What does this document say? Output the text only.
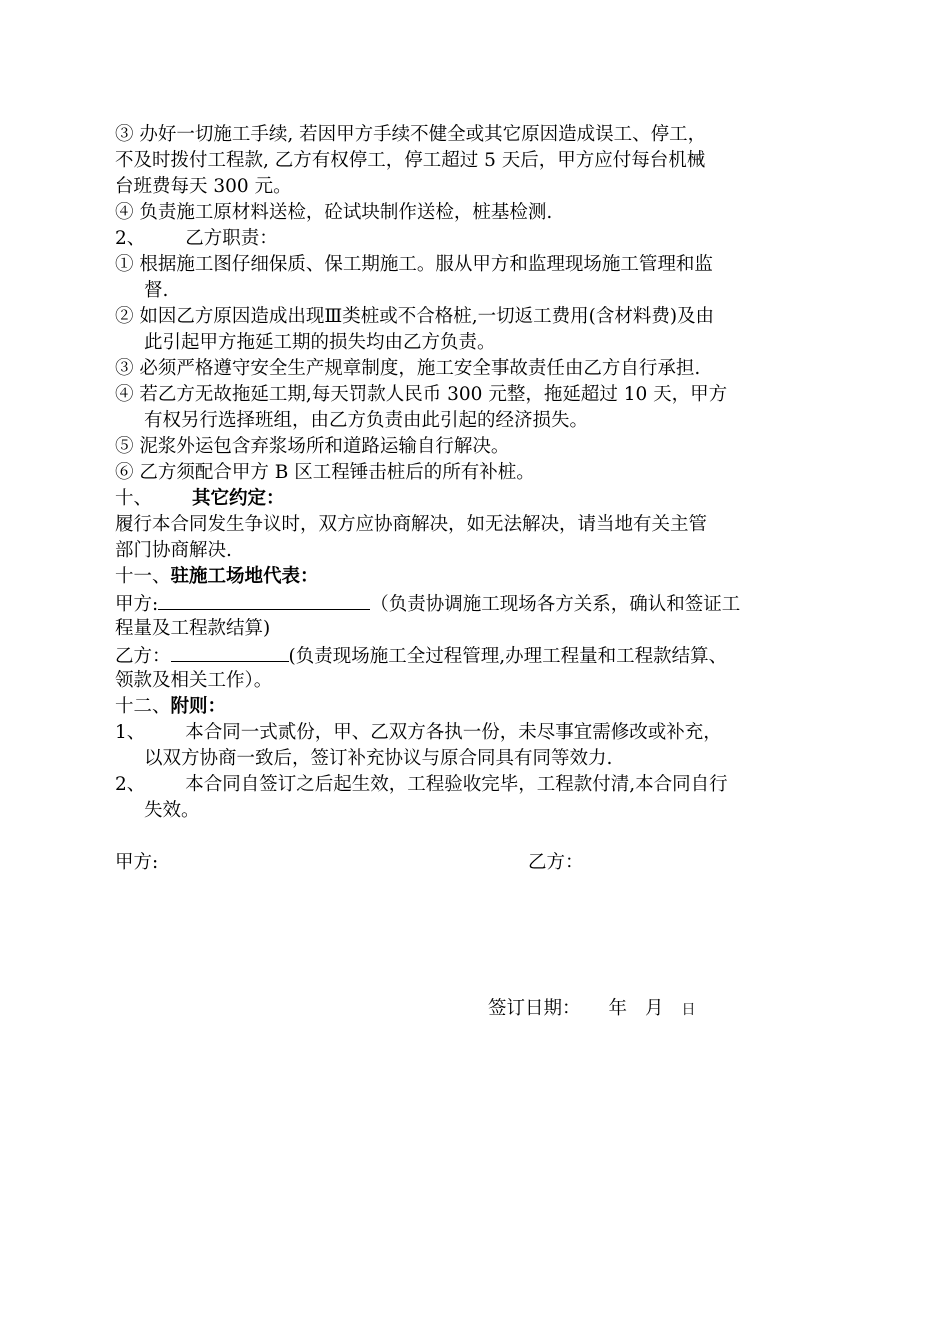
③ 办好一切施工手续, 若因甲方手续不健全或其它原因造成误工、停工，
不及时拨付工程款, 乙方有权停工，停工超过 5 天后，甲方应付每台机械
台班费每天 300 元。
④ 负责施工原材料送检，砼试块制作送检，桩基检测.
2、 乙方职责：
① 根据施工图仔细保质、保工期施工。服从甲方和监理现场施工管理和监
督.
② 如因乙方原因造成出现Ⅲ类桩或不合格桩,一切返工费用(含材料费)及由
此引起甲方拖延工期的损失均由乙方负责。
③ 必须严格遵守安全生产规章制度，施工安全事故责任由乙方自行承担.
④ 若乙方无故拖延工期,每天罚款人民币 300 元整，拖延超过 10 天，甲方
有权另行选择班组，由乙方负责由此引起的经济损失。
⑤ 泥浆外运包含弃浆场所和道路运输自行解决。
⑥ 乙方须配合甲方 B 区工程锤击桩后的所有补桩。
十、 其它约定：
履行本合同发生争议时，双方应协商解决，如无法解决，请当地有关主管
部门协商解决.
十一、驻施工场地代表：
甲方:	（负责协调施工现场各方关系，确认和签证工
程量及工程款结算)
乙方：	(负责现场施工全过程管理,办理工程量和工程款结算、
领款及相关工作）。
十二、附则：
1、 本合同一式贰份，甲、乙双方各执一份，未尽事宜需修改或补充，
以双方协商一致后，签订补充协议与原合同具有同等效力.
2、 本合同自签订之后起生效，工程验收完毕，工程款付清,本合同自行
失效。
甲方:	乙方：
签订日期： 年 月 日
